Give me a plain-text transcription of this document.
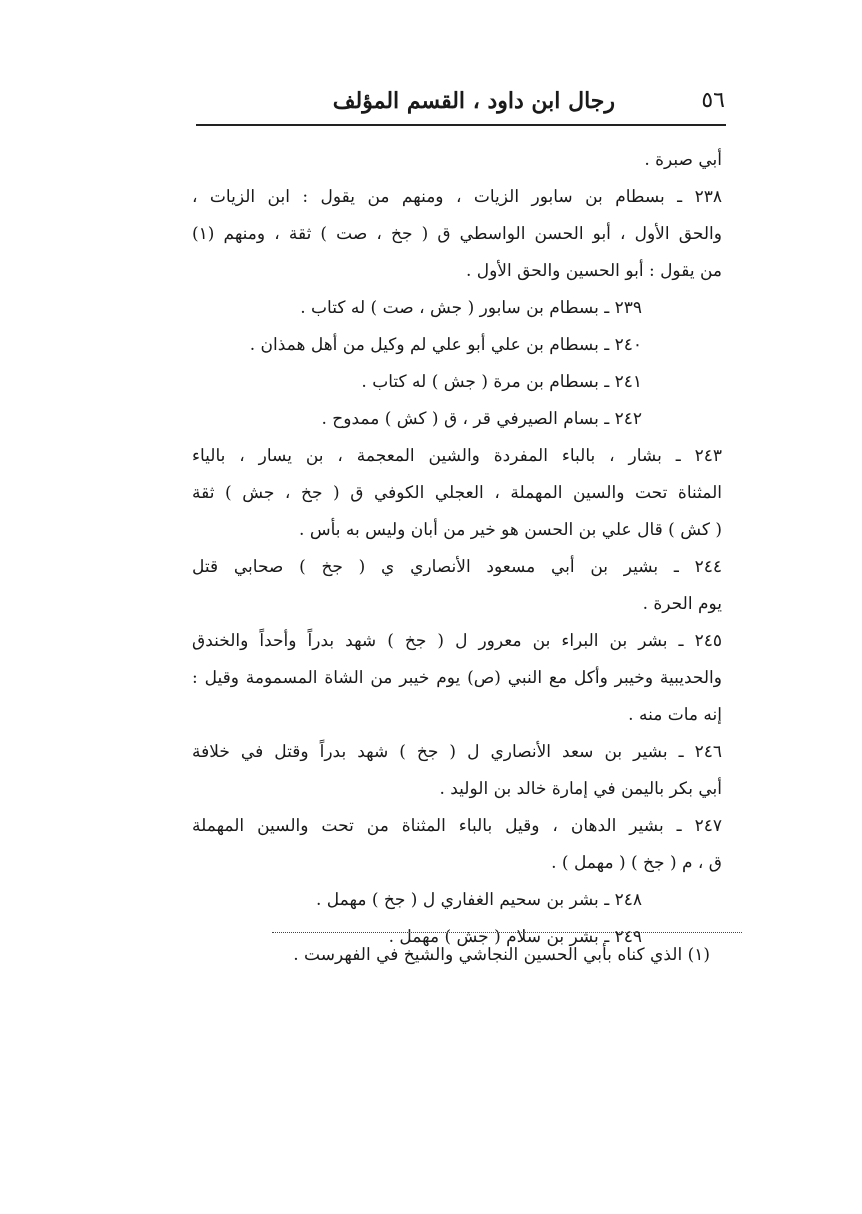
٥٦
رجال ابن داود ، القسم المؤلف
أبي صبرة .
٢٣٨ ـ بسطام بن سابور الزيات ، ومنهم من يقول : ابن الزيات ،
والحق الأول ، أبو الحسن الواسطي ق ( جخ ، صت ) ثقة ، ومنهم (١)
من يقول : أبو الحسين والحق الأول .
٢٣٩ ـ بسطام بن سابور ( جش ، صت ) له كتاب .
٢٤٠ ـ بسطام بن علي أبو علي لم وكيل من أهل همذان .
٢٤١ ـ بسطام بن مرة ( جش ) له كتاب .
٢٤٢ ـ بسام الصيرفي قر ، ق ( كش ) ممدوح .
٢٤٣ ـ بشار ، بالباء المفردة والشين المعجمة ، بن يسار ، بالياء
المثناة تحت والسين المهملة ، العجلي الكوفي ق ( جخ ، جش ) ثقة
( كش ) قال علي بن الحسن هو خير من أبان وليس به بأس .
٢٤٤ ـ بشير بن أبي مسعود الأنصاري ي ( جخ ) صحابي قتل
يوم الحرة .
٢٤٥ ـ بشر بن البراء بن معرور ل ( جخ ) شهد بدراً وأحداً والخندق
والحديبية وخيبر وأكل مع النبي (ص) يوم خيبر من الشاة المسمومة وقيل :
إنه مات منه .
٢٤٦ ـ بشير بن سعد الأنصاري ل ( جخ ) شهد بدراً وقتل في خلافة
أبي بكر باليمن في إمارة خالد بن الوليد .
٢٤٧ ـ بشير الدهان ، وقيل بالباء المثناة من تحت والسين المهملة
ق ، م ( جخ ) ( مهمل ) .
٢٤٨ ـ بشر بن سحيم الغفاري ل ( جخ ) مهمل .
٢٤٩ ـ بشر بن سلام ( جش ) مهمل .
(١) الذي كناه بأبي الحسين النجاشي والشيخ في الفهرست .
